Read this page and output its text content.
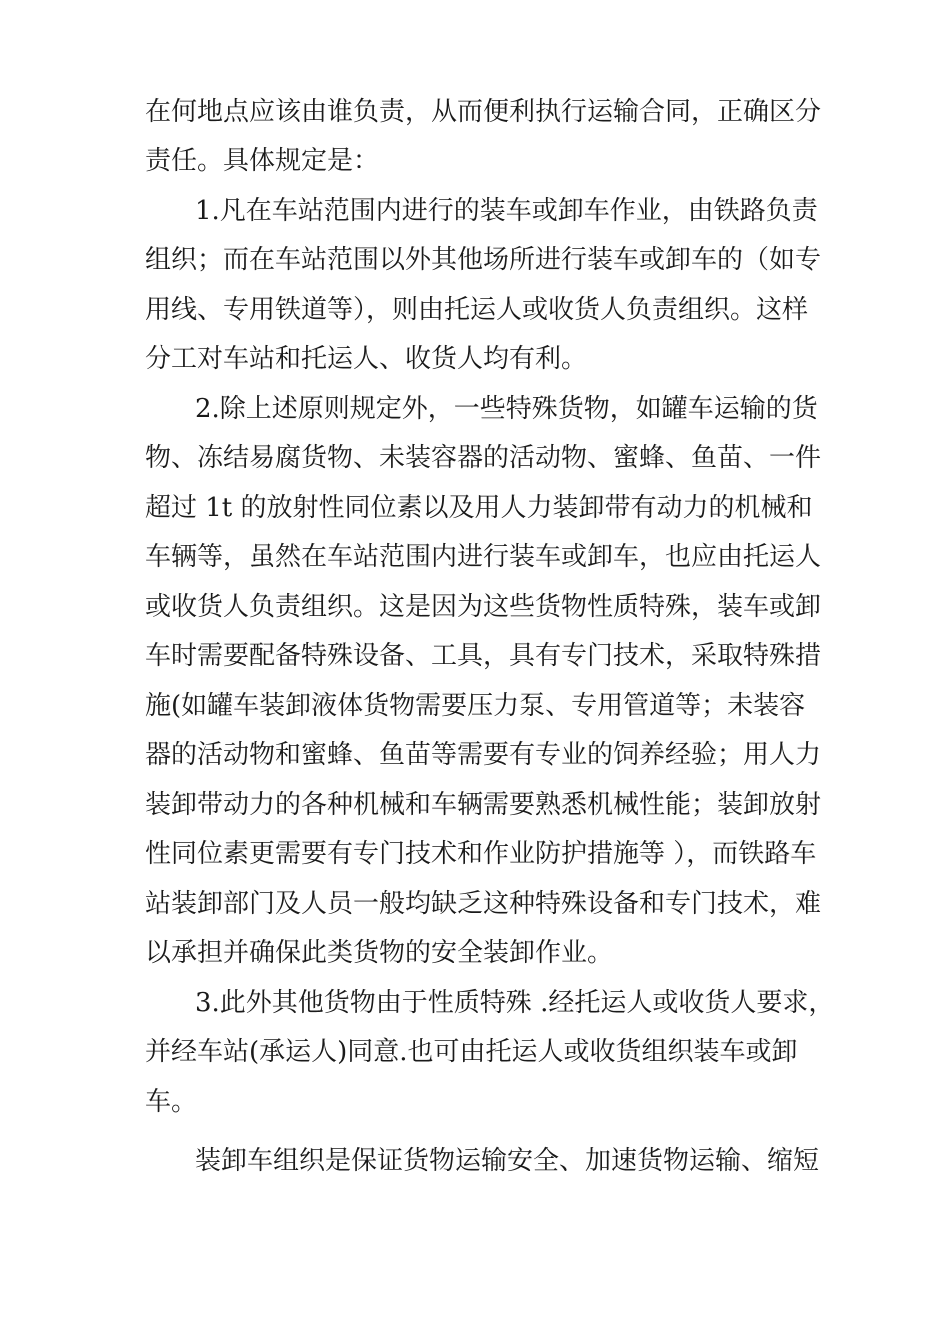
在何地点应该由谁负责，从而便利执行运输合同，正确区分
责任。具体规定是：
1.凡在车站范围内进行的装车或卸车作业，由铁路负责
组织；而在车站范围以外其他场所进行装车或卸车的（如专
用线、专用铁道等），则由托运人或收货人负责组织。这样
分工对车站和托运人、收货人均有利。
2.除上述原则规定外，一些特殊货物，如罐车运输的货
物、冻结易腐货物、未装容器的活动物、蜜蜂、鱼苗、一件
超过 1t 的放射性同位素以及用人力装卸带有动力的机械和
车辆等，虽然在车站范围内进行装车或卸车，也应由托运人
或收货人负责组织。这是因为这些货物性质特殊，装车或卸
车时需要配备特殊设备、工具，具有专门技术，采取特殊措
施(如罐车装卸液体货物需要压力泵、专用管道等；未装容
器的活动物和蜜蜂、鱼苗等需要有专业的饲养经验；用人力
装卸带动力的各种机械和车辆需要熟悉机械性能；装卸放射
性同位素更需要有专门技术和作业防护措施等 ），而铁路车
站装卸部门及人员一般均缺乏这种特殊设备和专门技术，难
以承担并确保此类货物的安全装卸作业。
3.此外其他货物由于性质特殊 .经托运人或收货人要求，
并经车站(承运人)同意.也可由托运人或收货组织装车或卸
车。
装卸车组织是保证货物运输安全、加速货物运输、缩短
